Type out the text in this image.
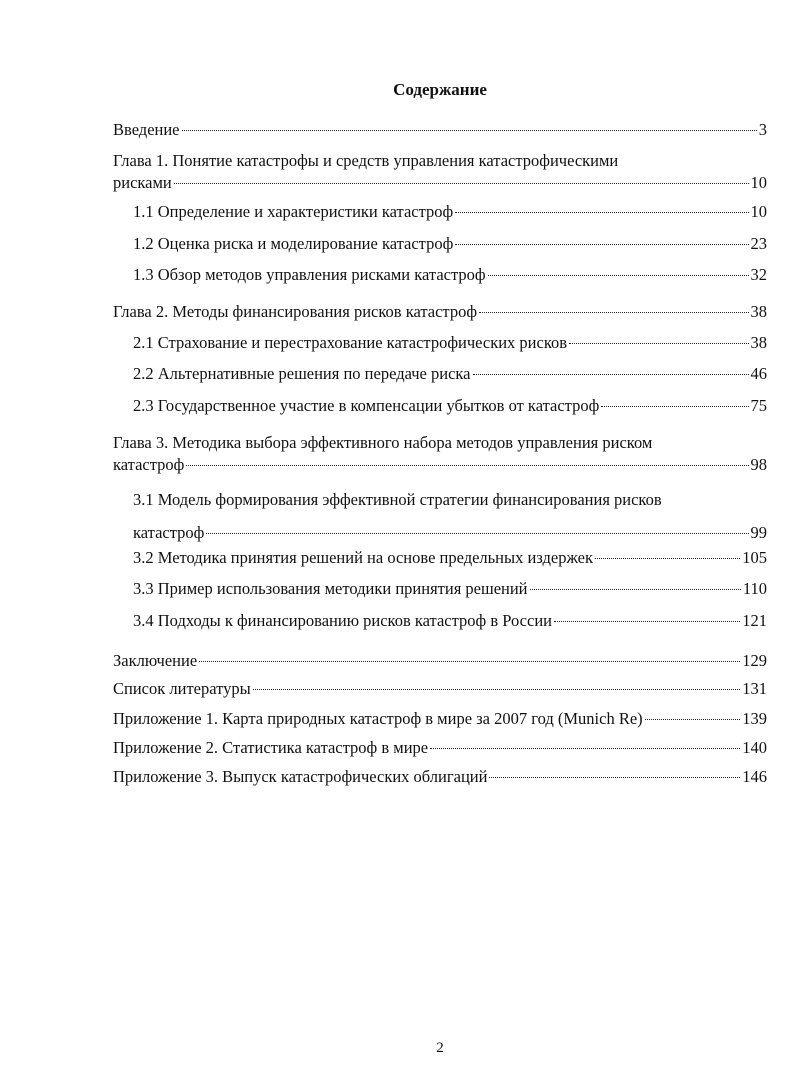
Содержание
Введение	3
Глава 1. Понятие катастрофы и средств управления катастрофическими
рисками	10
1.1 Определение и характеристики катастроф	10
1.2 Оценка риска и моделирование катастроф	23
1.3 Обзор методов управления рисками катастроф	32
Глава 2. Методы финансирования рисков катастроф	38
2.1 Страхование и перестрахование катастрофических рисков	38
2.2 Альтернативные решения по передаче риска	46
2.3 Государственное участие в компенсации убытков от катастроф	75
Глава 3. Методика выбора эффективного набора методов управления риском
катастроф	98
3.1 Модель формирования эффективной стратегии финансирования рисков
катастроф	99
3.2 Методика принятия решений на основе предельных издержек	105
3.3 Пример использования методики принятия решений	110
3.4 Подходы к финансированию рисков катастроф в России	121
Заключение	129
Список литературы	131
Приложение 1. Карта природных катастроф в мире за 2007 год (Munich Re)	139
Приложение 2. Статистика катастроф в мире	140
Приложение 3. Выпуск катастрофических облигаций	146
2
